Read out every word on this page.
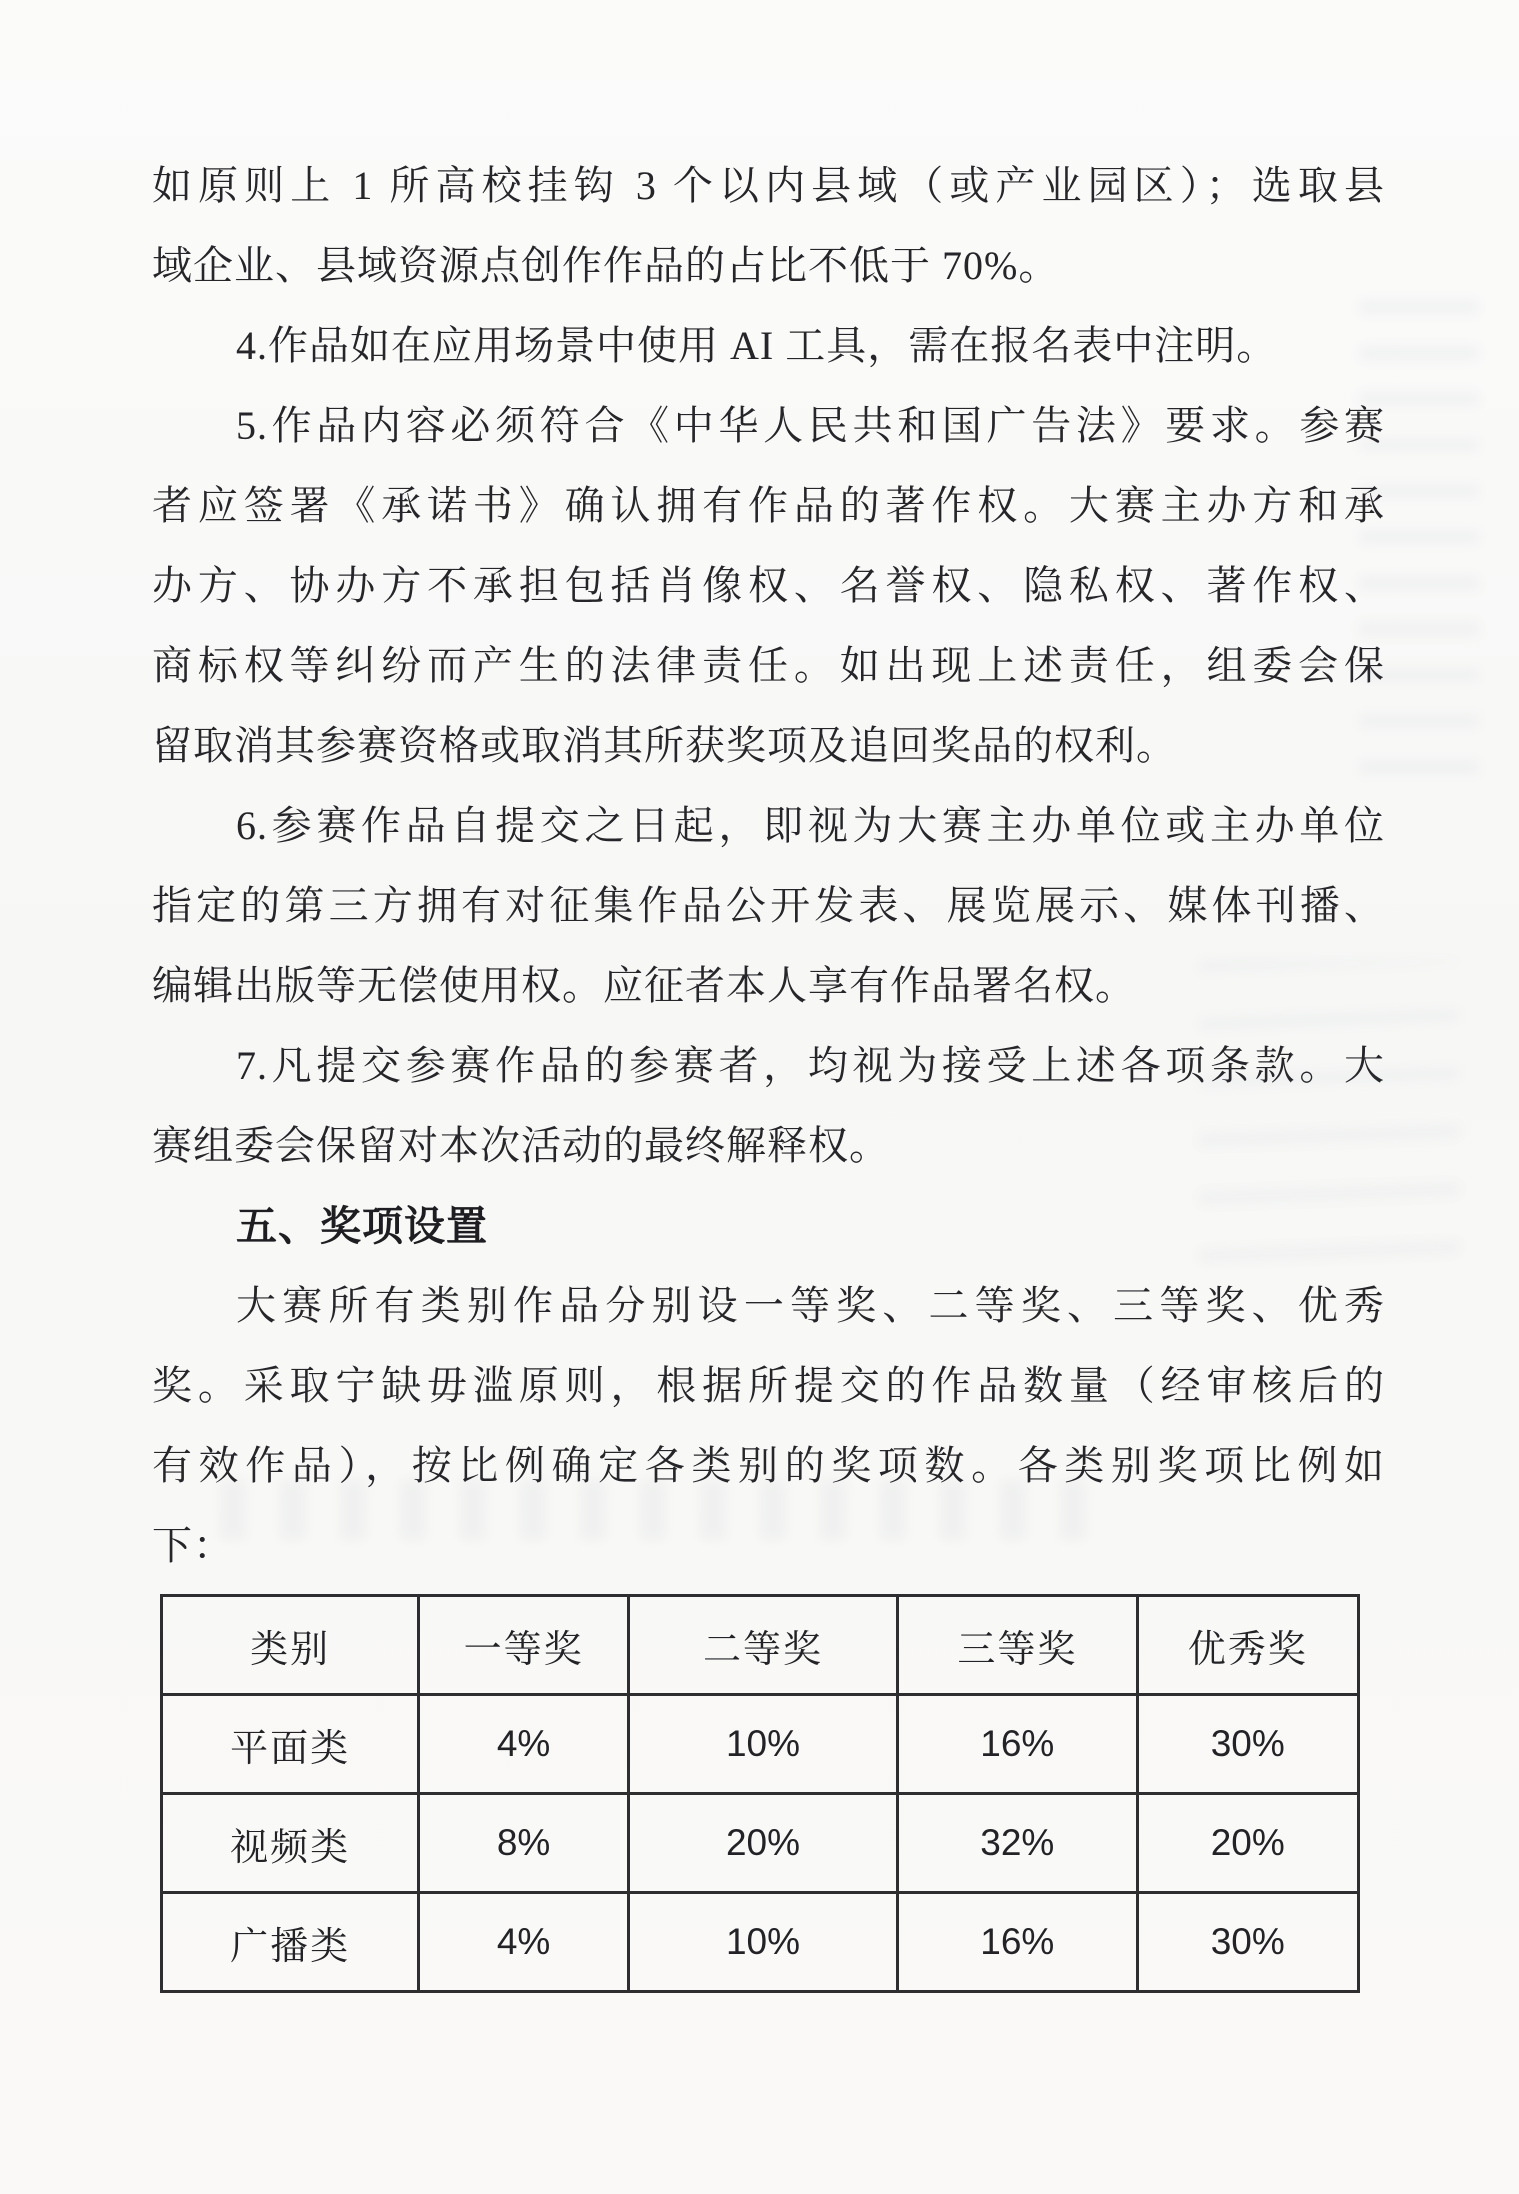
如原则上 1 所高校挂钩 3 个以内县域（或产业园区）；选取县
域企业、县域资源点创作作品的占比不低于 70%。
4.作品如在应用场景中使用 AI 工具，需在报名表中注明。
5.作品内容必须符合《中华人民共和国广告法》要求。参赛
者应签署《承诺书》确认拥有作品的著作权。大赛主办方和承
办方、协办方不承担包括肖像权、名誉权、隐私权、著作权、
商标权等纠纷而产生的法律责任。如出现上述责任，组委会保
留取消其参赛资格或取消其所获奖项及追回奖品的权利。
6.参赛作品自提交之日起，即视为大赛主办单位或主办单位
指定的第三方拥有对征集作品公开发表、展览展示、媒体刊播、
编辑出版等无偿使用权。应征者本人享有作品署名权。
7.凡提交参赛作品的参赛者，均视为接受上述各项条款。大
赛组委会保留对本次活动的最终解释权。
五、奖项设置
大赛所有类别作品分别设一等奖、二等奖、三等奖、优秀
奖。采取宁缺毋滥原则，根据所提交的作品数量（经审核后的
有效作品），按比例确定各类别的奖项数。各类别奖项比例如
下：
类别	一等奖	二等奖	三等奖	优秀奖
平面类	4%	10%	16%	30%
视频类	8%	20%	32%	20%
广播类	4%	10%	16%	30%
